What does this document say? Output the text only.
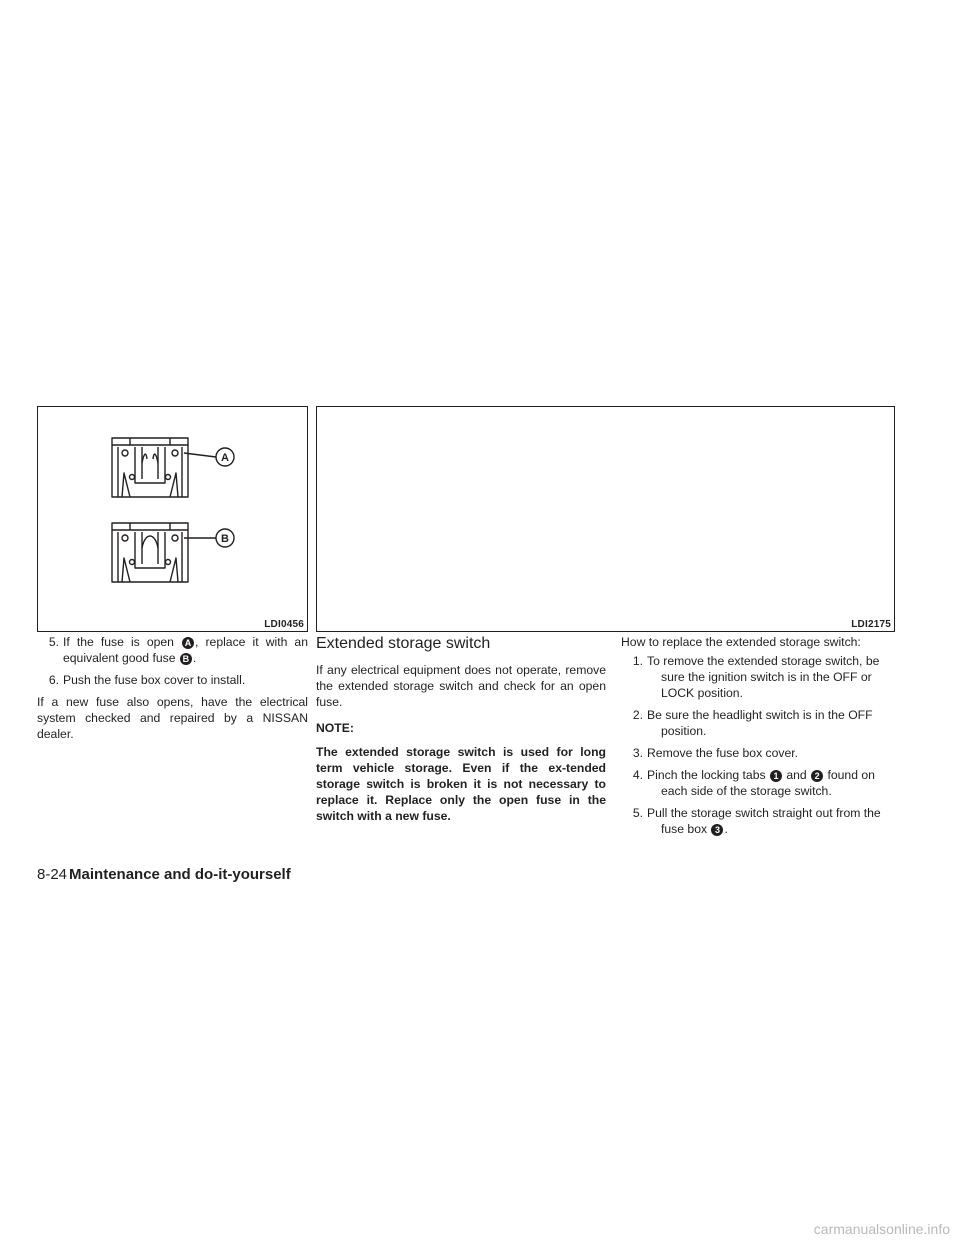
A
B
LDI0456	LDI2175
5. If the fuse is open A , replace it with an equivalent good fuse B .
6. Push the fuse box cover to install.

If a new fuse also opens, have the electrical system checked and repaired by a NISSAN dealer.

Extended storage switch

If any electrical equipment does not operate, remove the extended storage switch and check for an open fuse.

NOTE:

The extended storage switch is used for long term vehicle storage. Even if the ex-tended storage switch is broken it is not necessary to replace it. Replace only the open fuse in the switch with a new fuse.

How to replace the extended storage switch:

1. To remove the extended storage switch, be sure the ignition switch is in the OFF or LOCK position.
2. Be sure the headlight switch is in the OFF position.
3. Remove the fuse box cover.
4. Pinch the locking tabs 1 and 2 found on each side of the storage switch.
5. Pull the storage switch straight out from the fuse box 3 .
8-24 Maintenance and do-it-yourself
carmanualsonline.info
